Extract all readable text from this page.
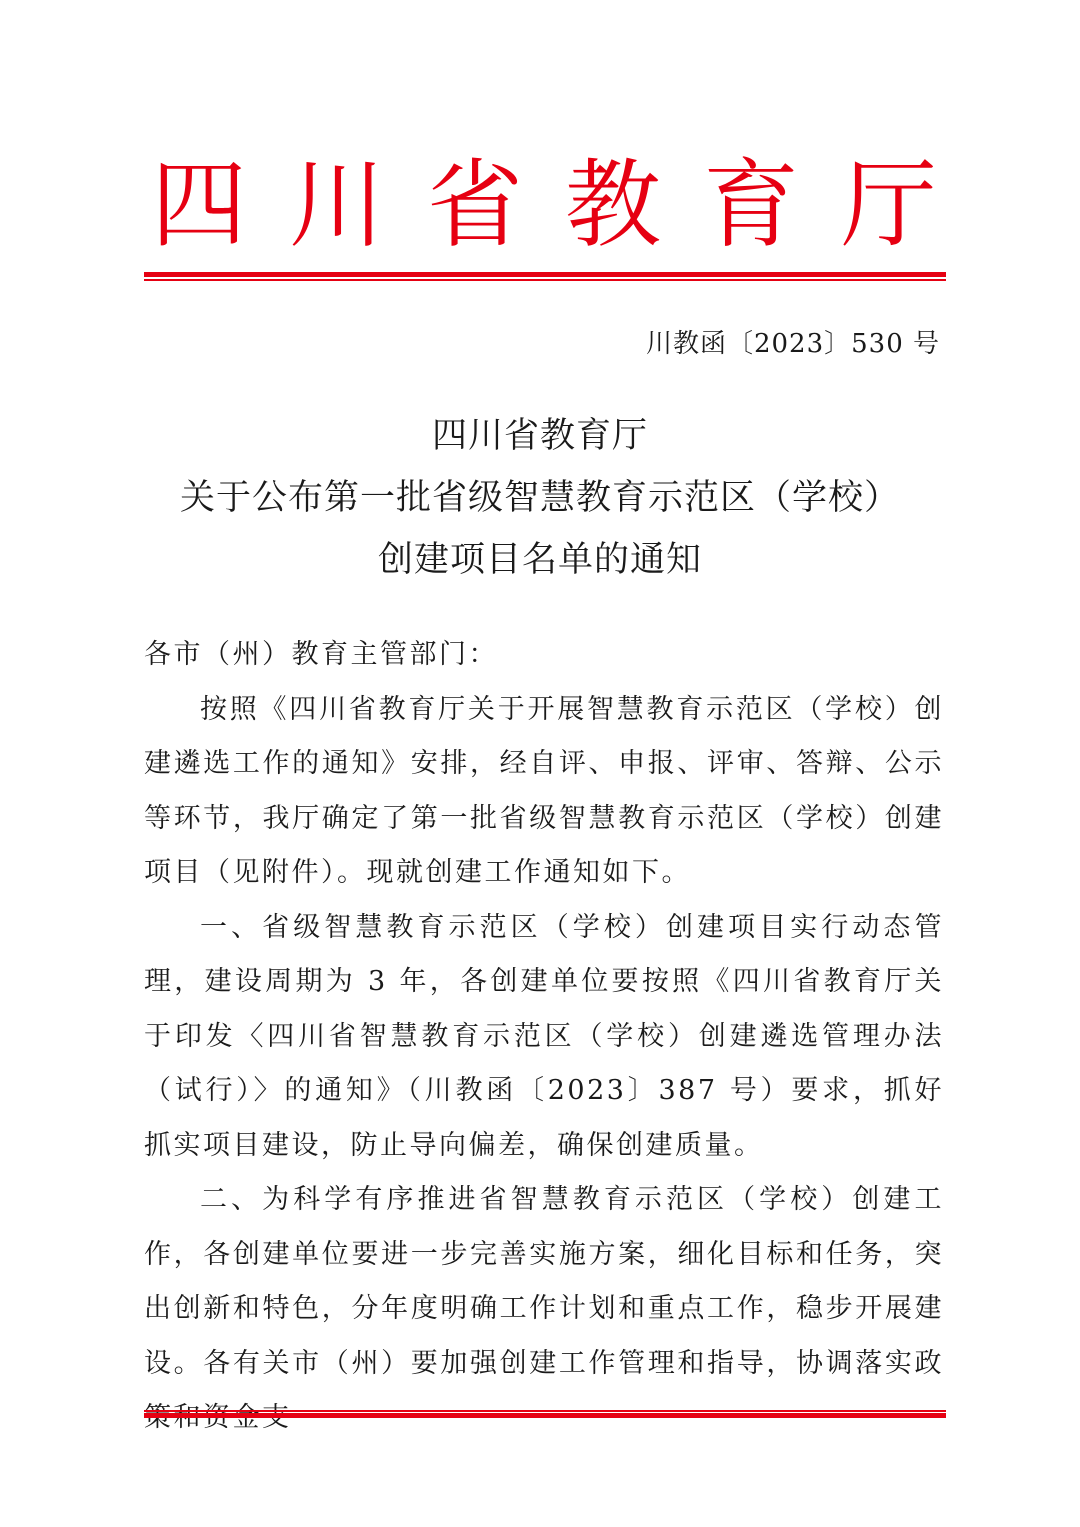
四 川 省 教 育 厅
川教函〔2023〕530 号
四川省教育厅
关于公布第一批省级智慧教育示范区（学校）
创建项目名单的通知

各市（州）教育主管部门：

按照《四川省教育厅关于开展智慧教育示范区（学校）创建遴选工作的通知》安排，经自评、申报、评审、答辩、公示等环节，我厅确定了第一批省级智慧教育示范区（学校）创建项目（见附件）。现就创建工作通知如下。

一、省级智慧教育示范区（学校）创建项目实行动态管理，建设周期为 3 年，各创建单位要按照《四川省教育厅关于印发〈四川省智慧教育示范区（学校）创建遴选管理办法（试行）〉的通知》（川教函〔2023〕387 号）要求，抓好抓实项目建设，防止导向偏差，确保创建质量。

二、为科学有序推进省智慧教育示范区（学校）创建工作，各创建单位要进一步完善实施方案，细化目标和任务，突出创新和特色，分年度明确工作计划和重点工作，稳步开展建设。各有关市（州）要加强创建工作管理和指导，协调落实政
